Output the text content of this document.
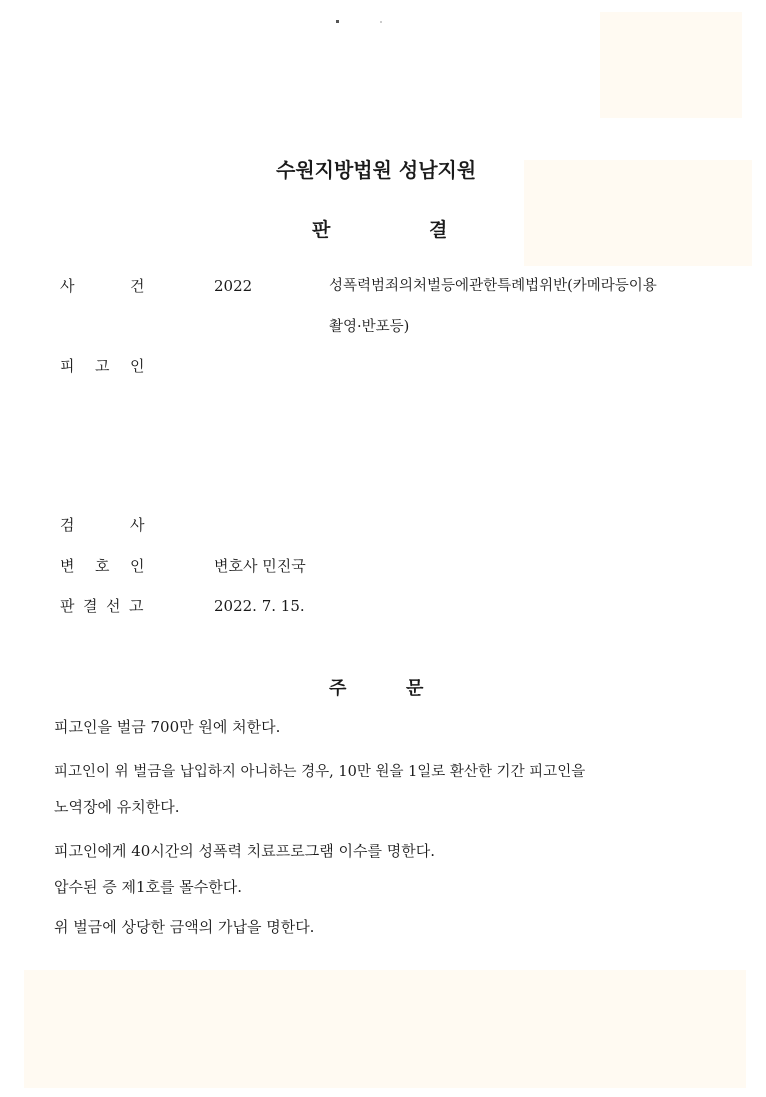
수원지방법원 성남지원
판	결
사	건	2022	성폭력범죄의처벌등에관한특례법위반(카메라등이용
촬영·반포등)
피 고 인
검	사
변 호 인	변호사 민진국
판 결 선 고	2022. 7. 15.
주	문
피고인을 벌금 700만 원에 처한다.
피고인이 위 벌금을 납입하지 아니하는 경우, 10만 원을 1일로 환산한 기간 피고인을
노역장에 유치한다.
피고인에게 40시간의 성폭력 치료프로그램 이수를 명한다.
압수된 증 제1호를 몰수한다.
위 벌금에 상당한 금액의 가납을 명한다.
